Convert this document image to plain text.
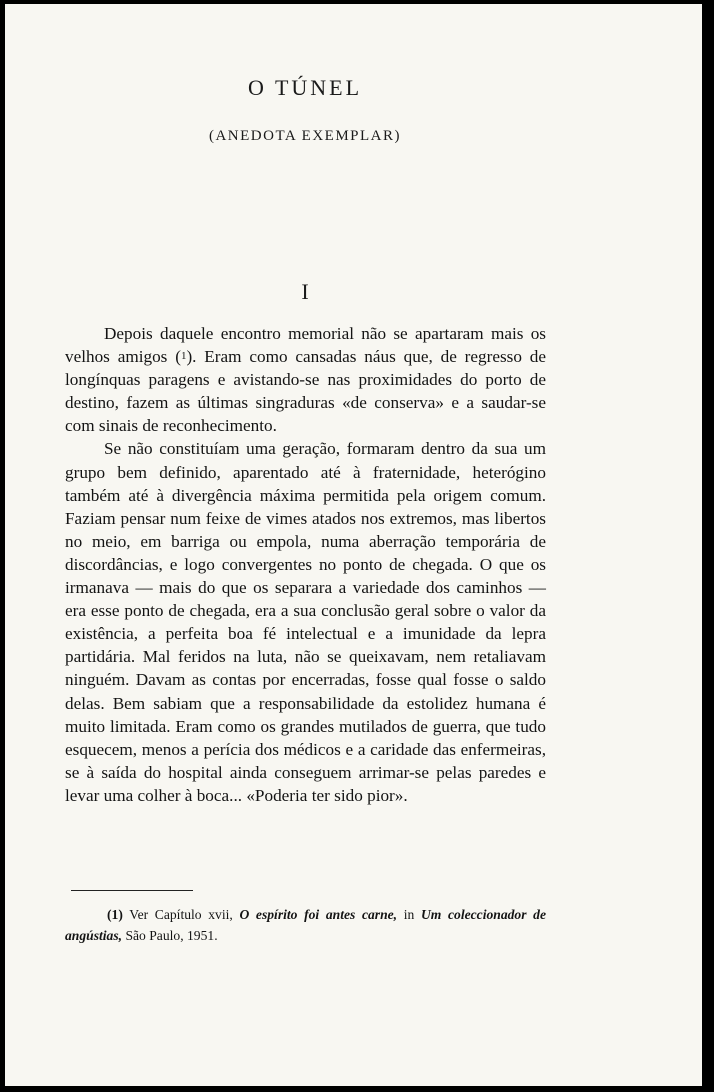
O TÚNEL
(ANEDOTA EXEMPLAR)
I

Depois daquele encontro memorial não se apartaram mais os velhos amigos (1). Eram como cansadas náus que, de regresso de longínquas paragens e avistando-se nas proximidades do porto de destino, fazem as últimas singraduras «de conserva» e a saudar-se com sinais de reconhecimento.

Se não constituíam uma geração, formaram dentro da sua um grupo bem definido, aparentado até à fraternidade, heterógino também até à divergência máxima permitida pela origem comum. Faziam pensar num feixe de vimes atados nos extremos, mas libertos no meio, em barriga ou empola, numa aberração temporária de discordâncias, e logo convergentes no ponto de chegada. O que os irmanava — mais do que os separara a variedade dos caminhos — era esse ponto de chegada, era a sua conclusão geral sobre o valor da existência, a perfeita boa fé intelectual e a imunidade da lepra partidária. Mal feridos na luta, não se queixavam, nem retaliavam ninguém. Davam as contas por encerradas, fosse qual fosse o saldo delas. Bem sabiam que a responsabilidade da estolidez humana é muito limitada. Eram como os grandes mutilados de guerra, que tudo esquecem, menos a perícia dos médicos e a caridade das enfermeiras, se à saída do hospital ainda conseguem arrimar-se pelas paredes e levar uma colher à boca... «Poderia ter sido pior».

(1) Ver Capítulo xvii, O espírito foi antes carne, in Um coleccionador de angústias, São Paulo, 1951.
